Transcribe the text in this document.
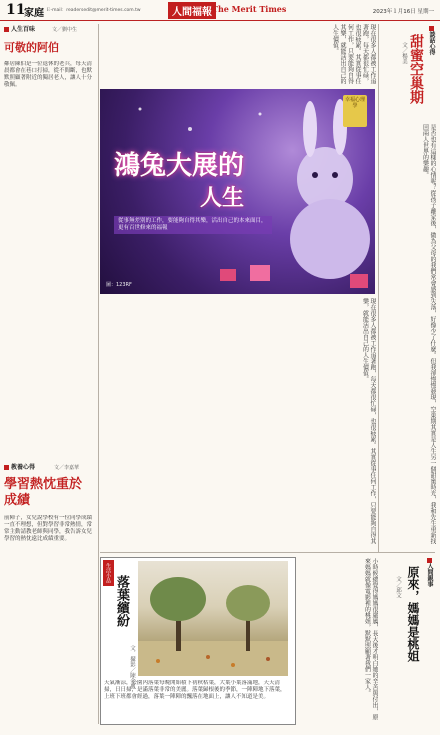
11
家庭 Ｅ-mail：readersedit@merit-times.com.tw	人間福報 The Merit Times	2023年１月16日 星期一
談話心得
甜蜜空巢期
文／楊美
是否也有這樣的心情呢？從孩子離家後，做為父母的我們常會感到失落，好像少了什麼。但我卻慢慢發現，空巢期其實是人生另一個甜蜜時光，我和先生重新找回兩人世界的樂趣。
人生百味
可敬的阿伯
文／劉中生
鄰居陳伯是一位退休的老兵，每天清晨都會在巷口打掃，從不間斷，也默默照顧著附近的獨居老人，讓人十分敬佩。
教養心得	文／李嘉華
學習熱忱重於成績
前陣子，女兒說學校有一位同學成績一直不理想，但對學習非常熱情，常常主動請教老師與同學，我告訴女兒學習的熱忱遠比成績重要。
現在很多人都被工作追著跑，每天都很忙碌，也很疲累。其實從事任何工作，只要能夠自得其樂，就能活出自己的人生價值。
幸福心理學
鴻兔大展的
人生
從事無差別的工作，要能夠自得其樂，活出自己的本來面目，更有百世修來的福報
圖：123RF
現在很多人都被工作追著跑，每天都很忙碌，也很疲累。其實從事任何工作，只要能夠自得其樂，就能活出自己的人生價值。
人間親事
原來，媽媽是桃姐
文／邱文
小時候總覺得媽媽很嚴厲，長大後才明白她的辛苦與付出，原來媽媽就像電影裡的桃姐，默默照顧著我們一家人。
生活小品
落葉繽紛
文．攝影／陳金鳳
天氣漸涼，公園內落葉每晚開始積下初秋枯葉，大葉小葉落滿地，天天清掃，日日掃，是滿落葉非常的美麗。落葉歸根後的季節，一陣陣地下落葉，上班下班都會經過，落葉一陣陣的飄落在地面上，讓人不知道是美。
